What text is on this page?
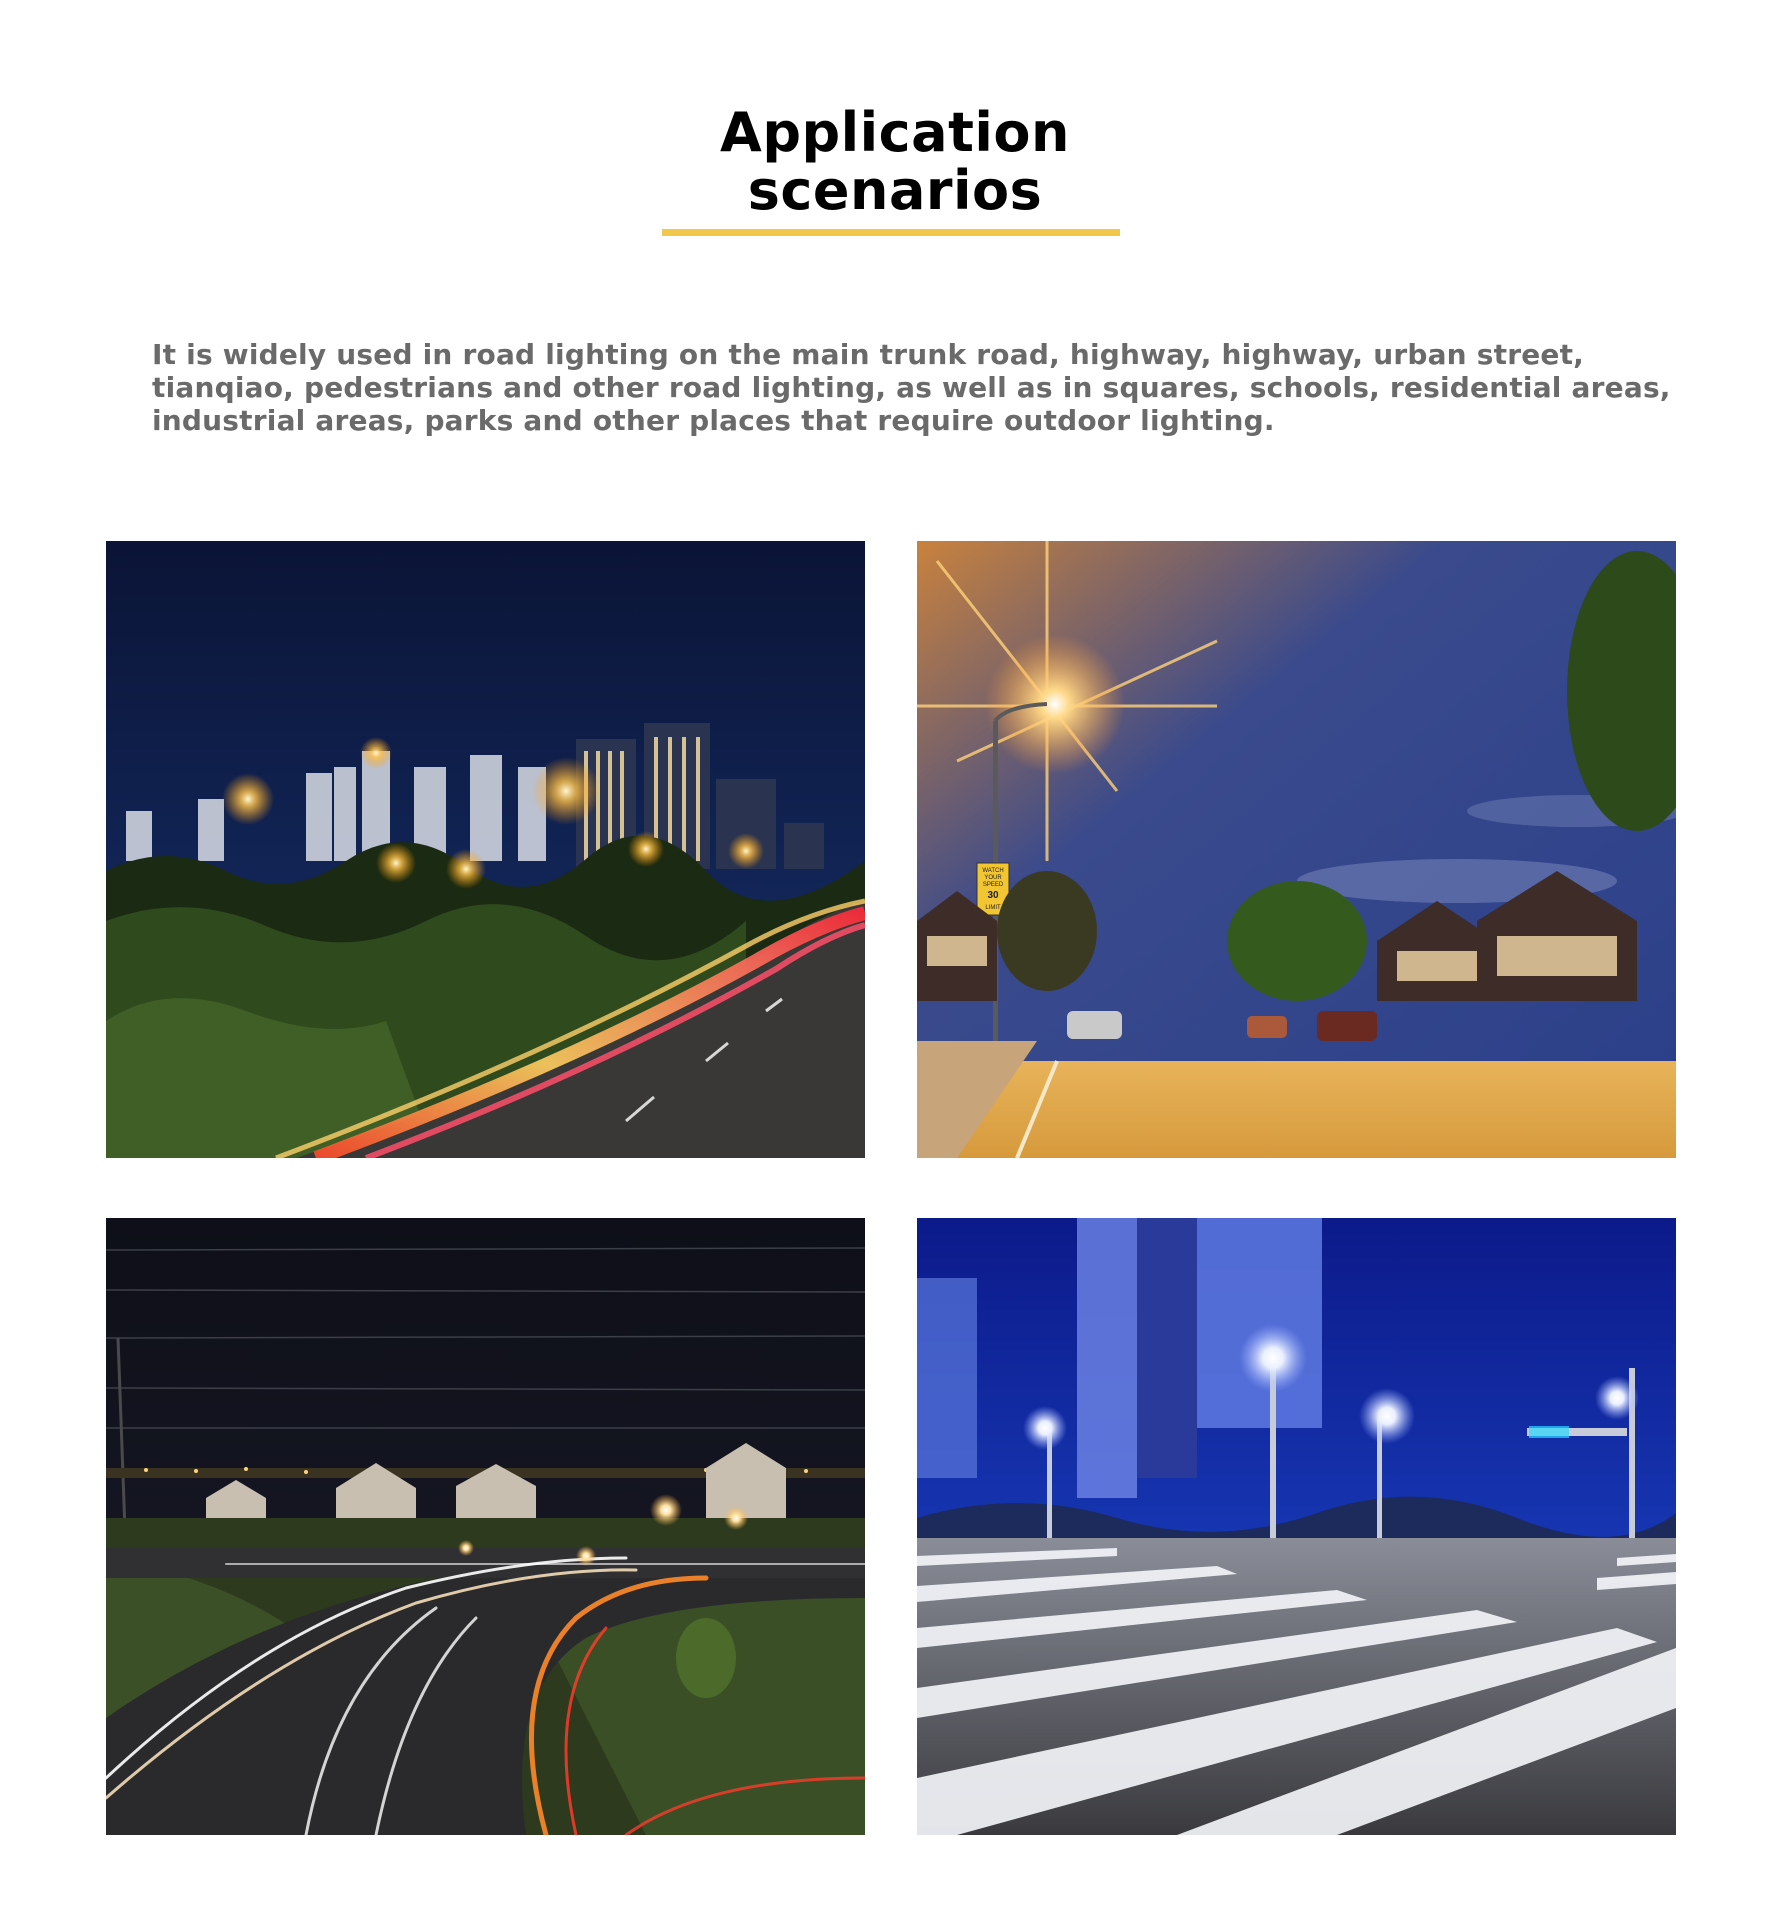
Application
scenarios
It is widely used in road lighting on the main trunk road, highway, highway, urban street,
tianqiao, pedestrians and other road lighting, as well as in squares, schools, residential areas,
industrial areas, parks and other places that require outdoor lighting.
WATCH
YOUR
SPEED
30
LIMIT
